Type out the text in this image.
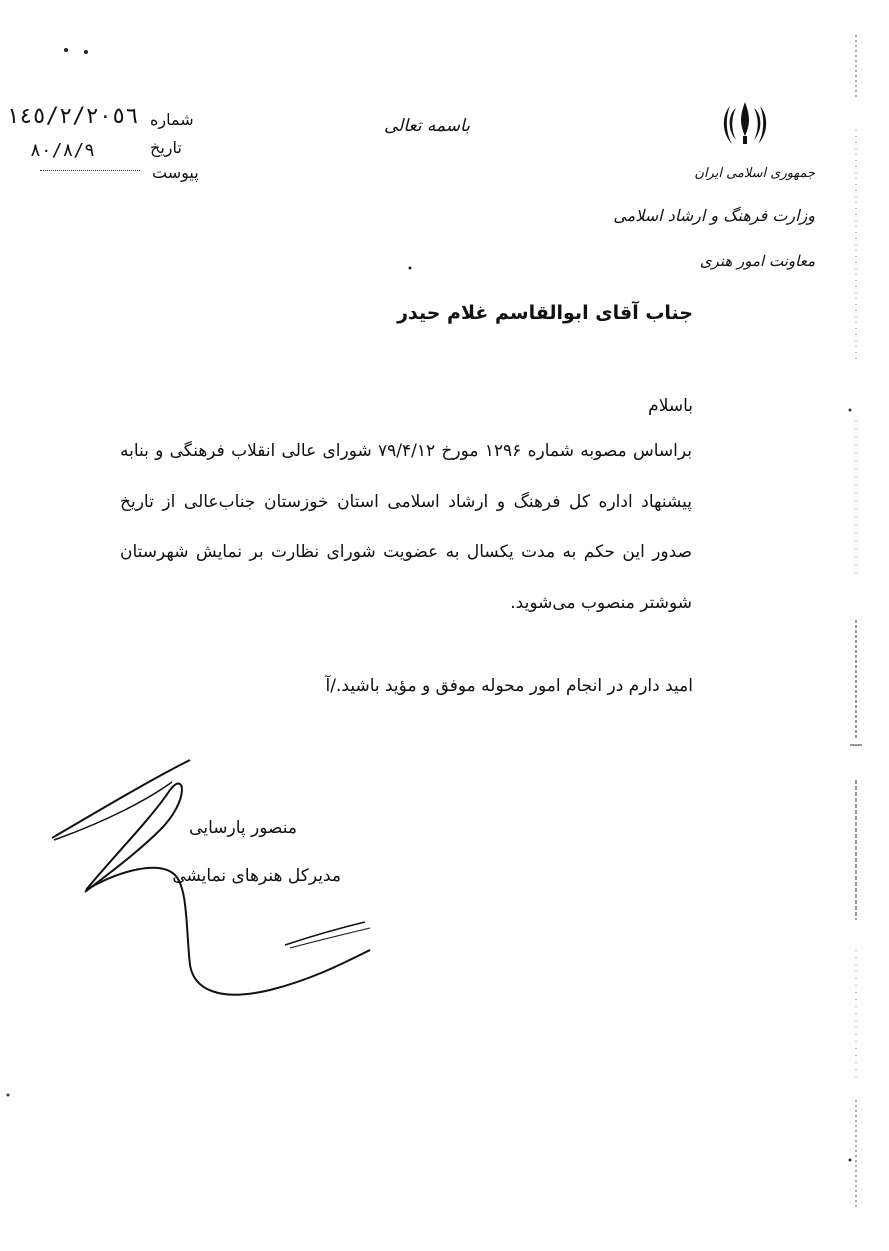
جمهوری اسلامی ایران
وزارت فرهنگ و ارشاد اسلامی
معاونت امور هنری
باسمه تعالی
شماره
١٤٥/٢/٢٠٥٦
تاریخ
٨٠/٨/٩
پیوست
جناب آقای ابوالقاسم غلام حیدر
باسلام
براساس مصوبه شماره ۱۲۹۶ مورخ ۷۹/۴/۱۲ شورای عالی انقلاب فرهنگی و بنابه پیشنهاد اداره کل فرهنگ و ارشاد اسلامی استان خوزستان جناب‌عالی از تاریخ صدور این حکم به مدت یکسال به عضویت شورای نظارت بر نمایش شهرستان شوشتر منصوب می‌شوید.
امید دارم در انجام امور محوله موفق و مؤید باشید./آ
منصور پارسایی
مدیرکل هنرهای نمایشی
